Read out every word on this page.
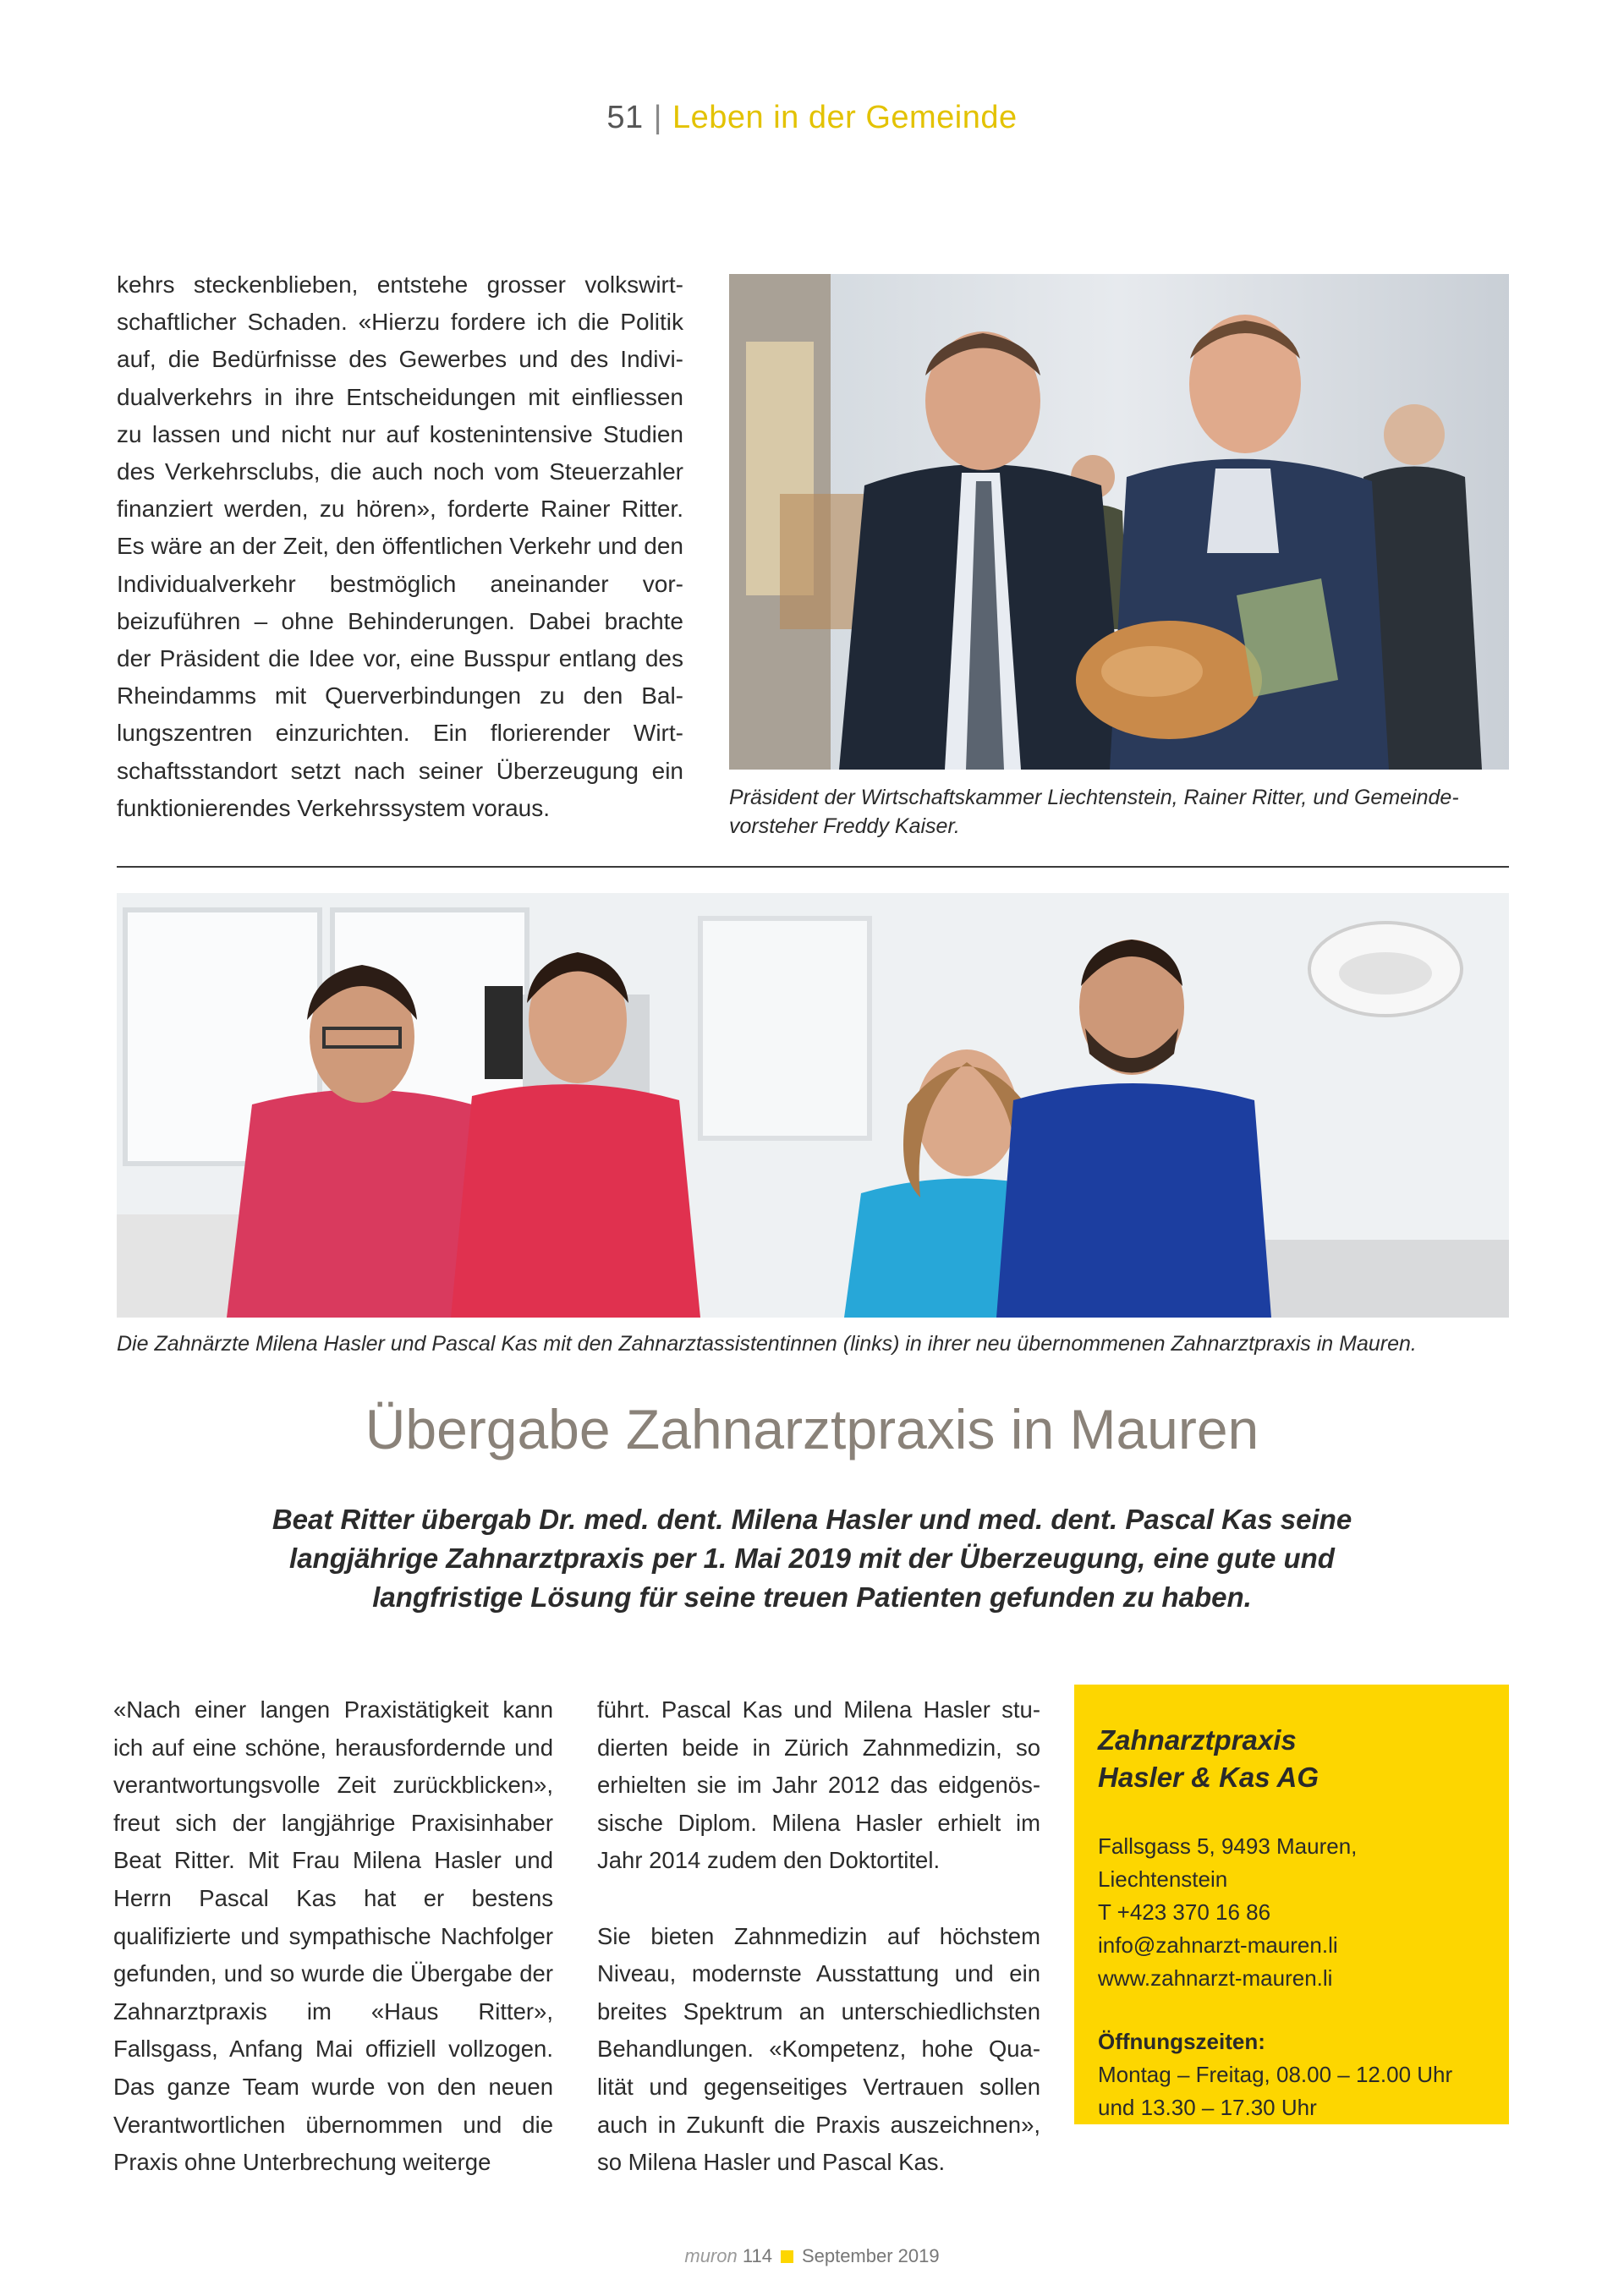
51 | Leben in der Gemeinde

kehrs steckenblieben, entstehe grosser volkswirtschaftlicher Schaden. «Hierzu fordere ich die Politik auf, die Bedürfnisse des Gewerbes und des Individualverkehrs in ihre Entscheidungen mit einfliessen zu lassen und nicht nur auf kostenintensive Studien des Verkehrsclubs, die auch noch vom Steuerzahler finanziert werden, zu hören», forderte Rainer Ritter. Es wäre an der Zeit, den öffentlichen Verkehr und den Individualverkehr bestmöglich aneinander vorbeizuführen – ohne Behinderungen. Dabei brachte der Präsident die Idee vor, eine Busspur entlang des Rheindamms mit Querverbindungen zu den Ballungszentren einzurichten. Ein florierender Wirtschaftsstandort setzt nach seiner Überzeugung ein funktionierendes Verkehrssystem voraus.	Präsident der Wirtschaftskammer Liechtenstein, Rainer Ritter, und Gemeindevorsteher Freddy Kaiser.
Die Zahnärzte Milena Hasler und Pascal Kas mit den Zahnarztassistentinnen (links) in ihrer neu übernommenen Zahnarztpraxis in Mauren.
Übergabe Zahnarztpraxis in Mauren

Beat Ritter übergab Dr. med. dent. Milena Hasler und med. dent. Pascal Kas seine langjährige Zahnarztpraxis per 1. Mai 2019 mit der Überzeugung, eine gute und langfristige Lösung für seine treuen Patienten gefunden zu haben.

«Nach einer langen Praxistätigkeit kann ich auf eine schöne, herausfordernde und verantwortungsvolle Zeit zurückblicken», freut sich der langjährige Praxisinhaber Beat Ritter. Mit Frau Milena Hasler und Herrn Pascal Kas hat er bestens qualifizierte und sympathische Nachfolger gefunden, und so wurde die Übergabe der Zahnarztpraxis im «Haus Ritter», Fallsgass, Anfang Mai offiziell vollzogen. Das ganze Team wurde von den neuen Verantwortlichen übernommen und die Praxis ohne Unterbrechung weiterge

führt. Pascal Kas und Milena Hasler studierten beide in Zürich Zahnmedizin, so erhielten sie im Jahr 2012 das eidgenössische Diplom. Milena Hasler erhielt im Jahr 2014 zudem den Doktortitel.

Sie bieten Zahnmedizin auf höchstem Niveau, modernste Ausstattung und ein breites Spektrum an unterschiedlichsten Behandlungen. «Kompetenz, hohe Qualität und gegenseitiges Vertrauen sollen auch in Zukunft die Praxis auszeichnen», so Milena Hasler und Pascal Kas.

Zahnarztpraxis
Hasler & Kas AG
Fallsgass 5, 9493 Mauren,
Liechtenstein
T +423 370 16 86
info@zahnarzt-mauren.li
www.zahnarzt-mauren.li
Öffnungszeiten:
Montag – Freitag, 08.00 – 12.00 Uhr
und 13.30 – 17.30 Uhr
muron 114 September 2019
